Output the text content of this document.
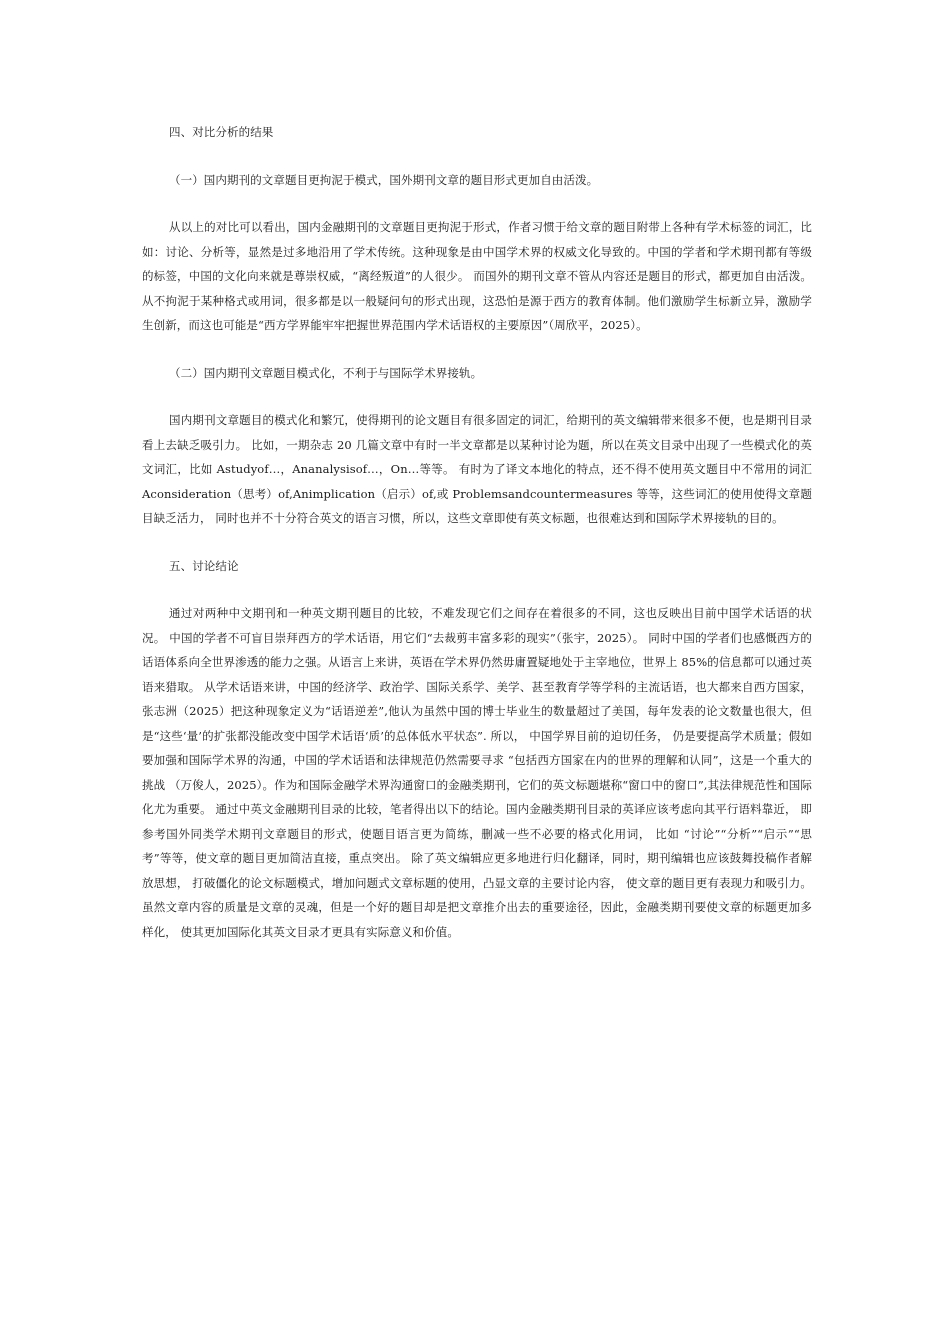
四、对比分析的结果

（一）国内期刊的文章题目更拘泥于模式，国外期刊文章的题目形式更加自由活泼。

从以上的对比可以看出，国内金融期刊的文章题目更拘泥于形式，作者习惯于给文章的题目附带上各种有学术标签的词汇，比如：讨论、分析等，显然是过多地沿用了学术传统。这种现象是由中国学术界的权威文化导致的。中国的学者和学术期刊都有等级的标签，中国的文化向来就是尊崇权威，“离经叛道”的人很少。 而国外的期刊文章不管从内容还是题目的形式，都更加自由活泼。从不拘泥于某种格式或用词，很多都是以一般疑问句的形式出现，这恐怕是源于西方的教育体制。他们激励学生标新立异，激励学生创新，而这也可能是“西方学界能牢牢把握世界范围内学术话语权的主要原因”（周欣平，2025）。

（二）国内期刊文章题目模式化，不利于与国际学术界接轨。

国内期刊文章题目的模式化和繁冗，使得期刊的论文题目有很多固定的词汇，给期刊的英文编辑带来很多不便，也是期刊目录看上去缺乏吸引力。 比如，一期杂志 20 几篇文章中有时一半文章都是以某种讨论为题，所以在英文目录中出现了一些模式化的英文词汇，比如 Astudyof…，Ananalysisof…，On…等等。 有时为了译文本地化的特点，还不得不使用英文题目中不常用的词汇 Aconsideration（思考）of,Animplication（启示）of,或 Problemsandcountermeasures 等等，这些词汇的使用使得文章题目缺乏活力， 同时也并不十分符合英文的语言习惯，所以，这些文章即使有英文标题，也很难达到和国际学术界接轨的目的。

五、讨论结论

通过对两种中文期刊和一种英文期刊题目的比较，不难发现它们之间存在着很多的不同，这也反映出目前中国学术话语的状况。 中国的学者不可盲目崇拜西方的学术话语，用它们“去裁剪丰富多彩的现实”（张宇，2025）。 同时中国的学者们也感慨西方的话语体系向全世界渗透的能力之强。从语言上来讲，英语在学术界仍然毋庸置疑地处于主宰地位，世界上 85%的信息都可以通过英语来猎取。 从学术话语来讲，中国的经济学、政治学、国际关系学、美学、甚至教育学等学科的主流话语，也大都来自西方国家，张志洲（2025）把这种现象定义为“话语逆差”,他认为虽然中国的博士毕业生的数量超过了美国，每年发表的论文数量也很大，但是“这些‘量’的扩张都没能改变中国学术话语‘质’的总体低水平状态”. 所以， 中国学界目前的迫切任务， 仍是要提高学术质量；假如要加强和国际学术界的沟通，中国的学术话语和法律规范仍然需要寻求 “包括西方国家在内的世界的理解和认同”，这是一个重大的挑战 （万俊人，2025）。作为和国际金融学术界沟通窗口的金融类期刊，它们的英文标题堪称“窗口中的窗口”,其法律规范性和国际化尤为重要。 通过中英文金融期刊目录的比较，笔者得出以下的结论。国内金融类期刊目录的英译应该考虑向其平行语料靠近， 即参考国外同类学术期刊文章题目的形式，使题目语言更为简练，删减一些不必要的格式化用词， 比如 “讨论”“分析”“启示”“思考”等等，使文章的题目更加简洁直接，重点突出。 除了英文编辑应更多地进行归化翻译，同时，期刊编辑也应该鼓舞投稿作者解放思想， 打破僵化的论文标题模式，增加问题式文章标题的使用，凸显文章的主要讨论内容， 使文章的题目更有表现力和吸引力。虽然文章内容的质量是文章的灵魂，但是一个好的题目却是把文章推介出去的重要途径，因此，金融类期刊要使文章的标题更加多样化， 使其更加国际化其英文目录才更具有实际意义和价值。
